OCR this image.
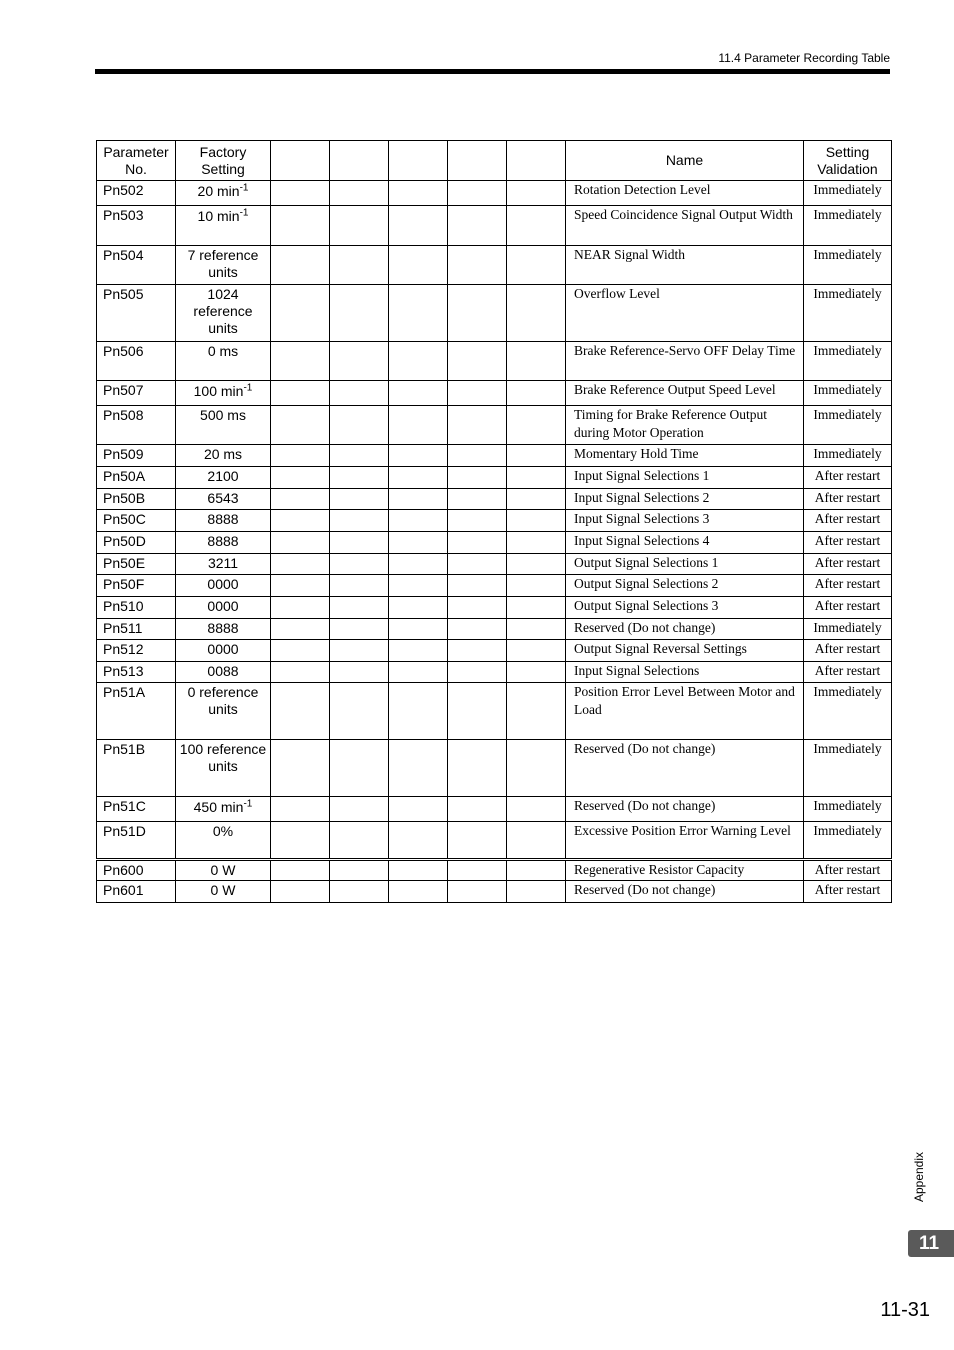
11.4 Parameter Recording Table
Parameter No.	Factory Setting						Name	Setting Validation
Pn502	20 $\min^{-1}$						Rotation Detection Level	Immediately
Pn503	10 $\min^{-1}$						Speed Coincidence Signal Output Width	Immediately
Pn504	7 reference units						NEAR Signal Width	Immediately
Pn505	1024 reference units						Overflow Level	Immediately
Pn506	0 ms						Brake Reference-Servo OFF Delay Time	Immediately
Pn507	100 $\min^{-1}$						Brake Reference Output Speed Level	Immediately
Pn508	500 ms						Timing for Brake Reference Output during Motor Operation	Immediately
Pn509	20 ms						Momentary Hold Time	Immediately
Pn50A	2100						Input Signal Selections 1	After restart
Pn50B	6543						Input Signal Selections 2	After restart
Pn50C	8888						Input Signal Selections 3	After restart
Pn50D	8888						Input Signal Selections 4	After restart
Pn50E	3211						Output Signal Selections 1	After restart
Pn50F	0000						Output Signal Selections 2	After restart
Pn510	0000						Output Signal Selections 3	After restart
Pn511	8888						Reserved (Do not change)	Immediately
Pn512	0000						Output Signal Reversal Settings	After restart
Pn513	0088						Input Signal Selections	After restart
Pn51A	0 reference units						Position Error Level Between Motor and Load	Immediately
Pn51B	100 reference units						Reserved (Do not change)	Immediately
Pn51C	450 $\min^{-1}$						Reserved (Do not change)	Immediately
Pn51D	0%						Excessive Position Error Warning Level	Immediately
Pn600	0 W						Regenerative Resistor Capacity	After restart
Pn601	0 W						Reserved (Do not change)	After restart
Appendix
11
11-31
